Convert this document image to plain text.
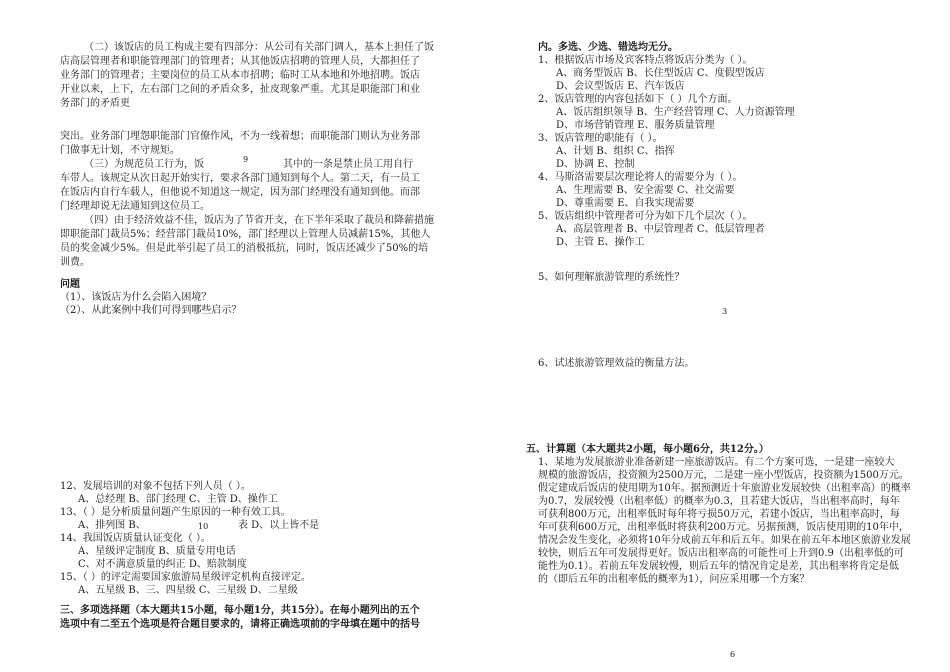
（二）该饭店的员工构成主要有四部分：从公司有关部门调人，基本上担任了饭
店高层管理者和职能管理部门的管理者；从其他饭店招聘的管理人员，大都担任了
业务部门的管理者；主要岗位的员工从本市招聘；临时工从本地和外地招聘。饭店
开业以来，上下，左右部门之间的矛盾众多，扯皮现象严重。尤其是职能部门和业
务部门的矛盾更
突出。业务部门埋怨职能部门官僚作风，不为一线着想；而职能部门则认为业务部
门做事无计划，不守规矩。
（三）为规范员工行为，饭	9	其中的一条是禁止员工用自行
车带人。该规定从次日起开始实行，要求各部门通知到每个人。第二天，有一员工
在饭店内自行车载人，但他说不知道这一规定，因为部门经理没有通知到他。而部
门经理却说无法通知到这位员工。
（四）由于经济效益不佳，饭店为了节省开支，在下半年采取了裁员和降薪措施
即职能部门裁员5%；经营部门裁员10%，部门经理以上管理人员减薪15%，其他人
员的奖金减少5%。但是此举引起了员工的消极抵抗，同时，饭店还减少了50%的培
训费。
问题
（1）、该饭店为什么会陷入困境？
（2）、从此案例中我们可得到哪些启示？
12、发展培训的对象不包括下列人员（ ）。
A、总经理 B、部门经理 C、主管 D、操作工
13、（ ）是分析质量问题产生原因的一种有效工具。
A、排列图 B、	10	表 D、以上皆不是
14、我国饭店质量认证变化（ ）。
A、星级评定制度 B、质量专用电话
C、对不满意质量的纠正 D、赔款制度
15、（ ）的评定需要国家旅游局星级评定机构直接评定。
A、五星级 B、三、四星级 C、三星级 D、二星级
三、多项选择题（本大题共15小题，每小题1分，共15分）。在每小题列出的五个
选项中有二至五个选项是符合题目要求的，请将正确选项前的字母填在题中的括号
内。多选、少选、错选均无分。
1、根据饭店市场及宾客特点将饭店分类为（ ）。
A、商务型饭店 B、长住型饭店 C、度假型饭店
D、会议型饭店 E、汽车饭店
2、饭店管理的内容包括如下（ ）几个方面。
A、饭店组织领导 B、生产经营管理 C、人力资源管理
D、市场营销管理 E、服务质量管理
3、饭店管理的职能有（ ）。
A、计划 B、组织 C、指挥
D、协调 E、控制
4、马斯洛需要层次理论将人的需要分为（ ）。
A、生理需要 B、安全需要 C、社交需要
D、尊重需要 E、自我实现需要
5、饭店组织中管理者可分为如下几个层次（ ）。
A、高层管理者 B、中层管理者 C、低层管理者
D、主管 E、操作工
5、如何理解旅游管理的系统性？
3
6、试述旅游管理效益的衡量方法。
五、计算题（本大题共2小题，每小题6分，共12分。）
1、某地为发展旅游业准备新建一座旅游饭店。有二个方案可选，一是建一座较大
规模的旅游饭店，投资额为2500万元，二是建一座小型饭店，投资额为1500万元。
假定建成后饭店的使用期为10年。据预测近十年旅游业发展较快（出租率高）的概率
为0.7，发展较慢（出租率低）的概率为0.3，且若建大饭店，当出租率高时，每年
可获利800万元，出租率低时每年将亏损50万元，若建小饭店，当出租率高时，每
年可获利600万元，出租率低时将获利200万元。另据预测，饭店使用期的10年中，
情况会发生变化，必须将10年分成前五年和后五年。如果在前五年本地区旅游业发展
较快，则后五年可发展得更好。饭店出租率高的可能性可上升到0.9（出租率低的可
能性为0.1）。若前五年发展较慢，则后五年的情况肯定是差，其出租率将肯定是低
的（即后五年的出租率低的概率为1），问应采用哪一个方案？
6
